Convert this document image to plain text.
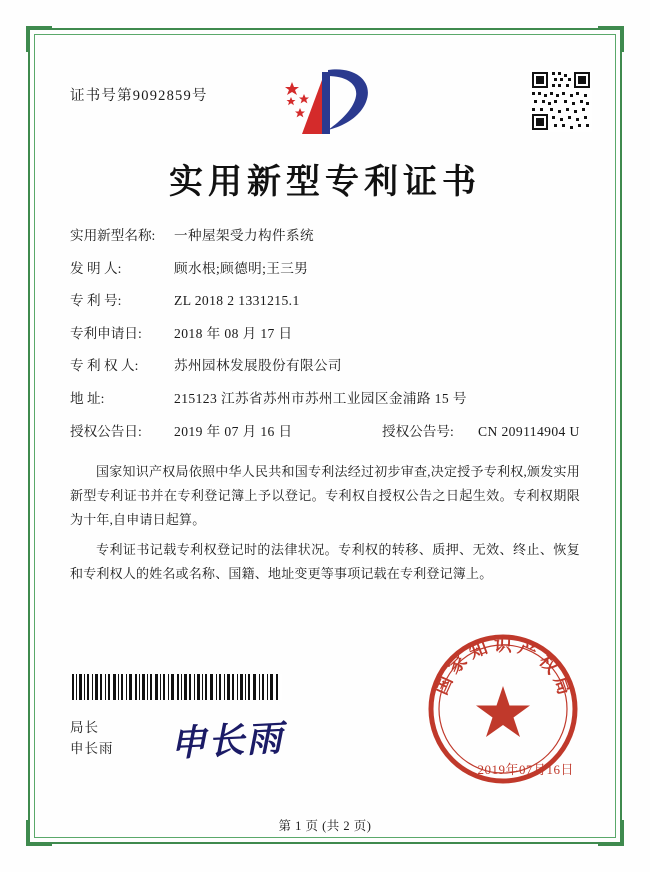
证书号第9092859号
实用新型专利证书
实用新型名称:	一种屋架受力构件系统
发 明 人:	顾水根;顾德明;王三男
专 利 号:	ZL 2018 2 1331215.1
专利申请日:	2018 年 08 月 17 日
专 利 权 人:	苏州园林发展股份有限公司
地 址:	215123 江苏省苏州市苏州工业园区金浦路 15 号
授权公告日:	2019 年 07 月 16 日	授权公告号:	CN 209114904 U

国家知识产权局依照中华人民共和国专利法经过初步审查,决定授予专利权,颁发实用新型专利证书并在专利登记簿上予以登记。专利权自授权公告之日起生效。专利权期限为十年,自申请日起算。

专利证书记载专利权登记时的法律状况。专利权的转移、质押、无效、终止、恢复和专利权人的姓名或名称、国籍、地址变更等事项记载在专利登记簿上。

局长
申长雨 申长雨
国家知识产权局
2019年07月16日
第 1 页 (共 2 页)
